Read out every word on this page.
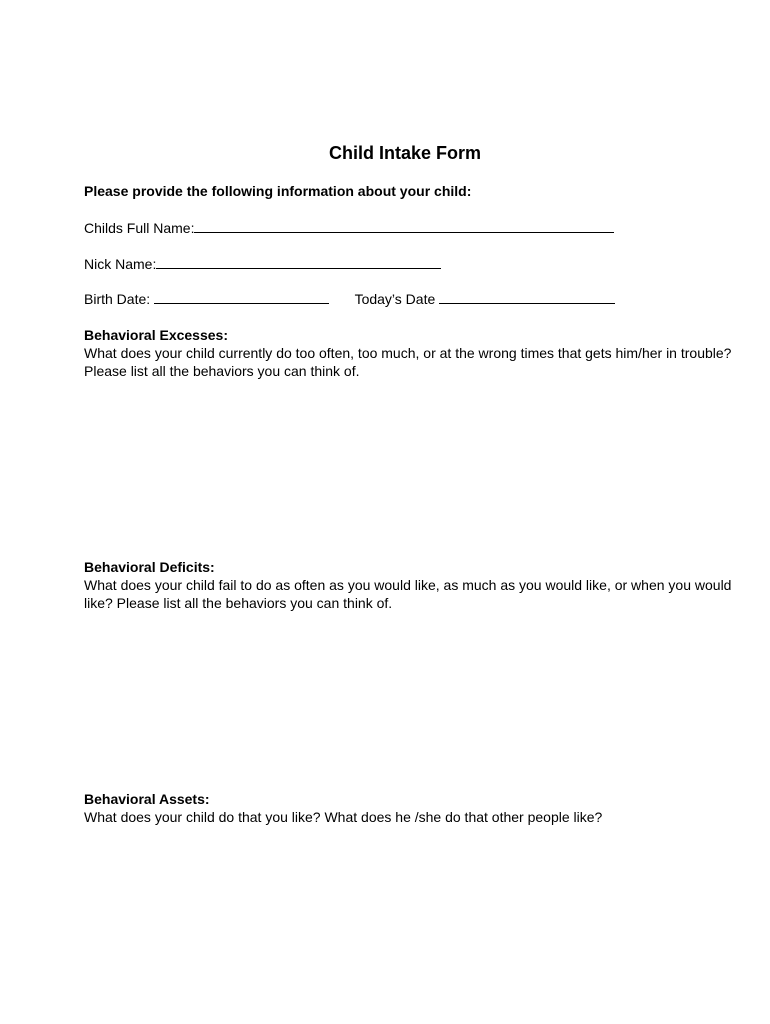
Child Intake Form
Please provide the following information about your child:
Childs Full Name:
Nick Name:
Birth Date:	Today’s Date
Behavioral Excesses:
What does your child currently do too often, too much, or at the wrong times that gets him/her in trouble? Please list all the behaviors you can think of.
Behavioral Deficits:
What does your child fail to do as often as you would like, as much as you would like, or when you would like? Please list all the behaviors you can think of.
Behavioral Assets:
What does your child do that you like? What does he /she do that other people like?
